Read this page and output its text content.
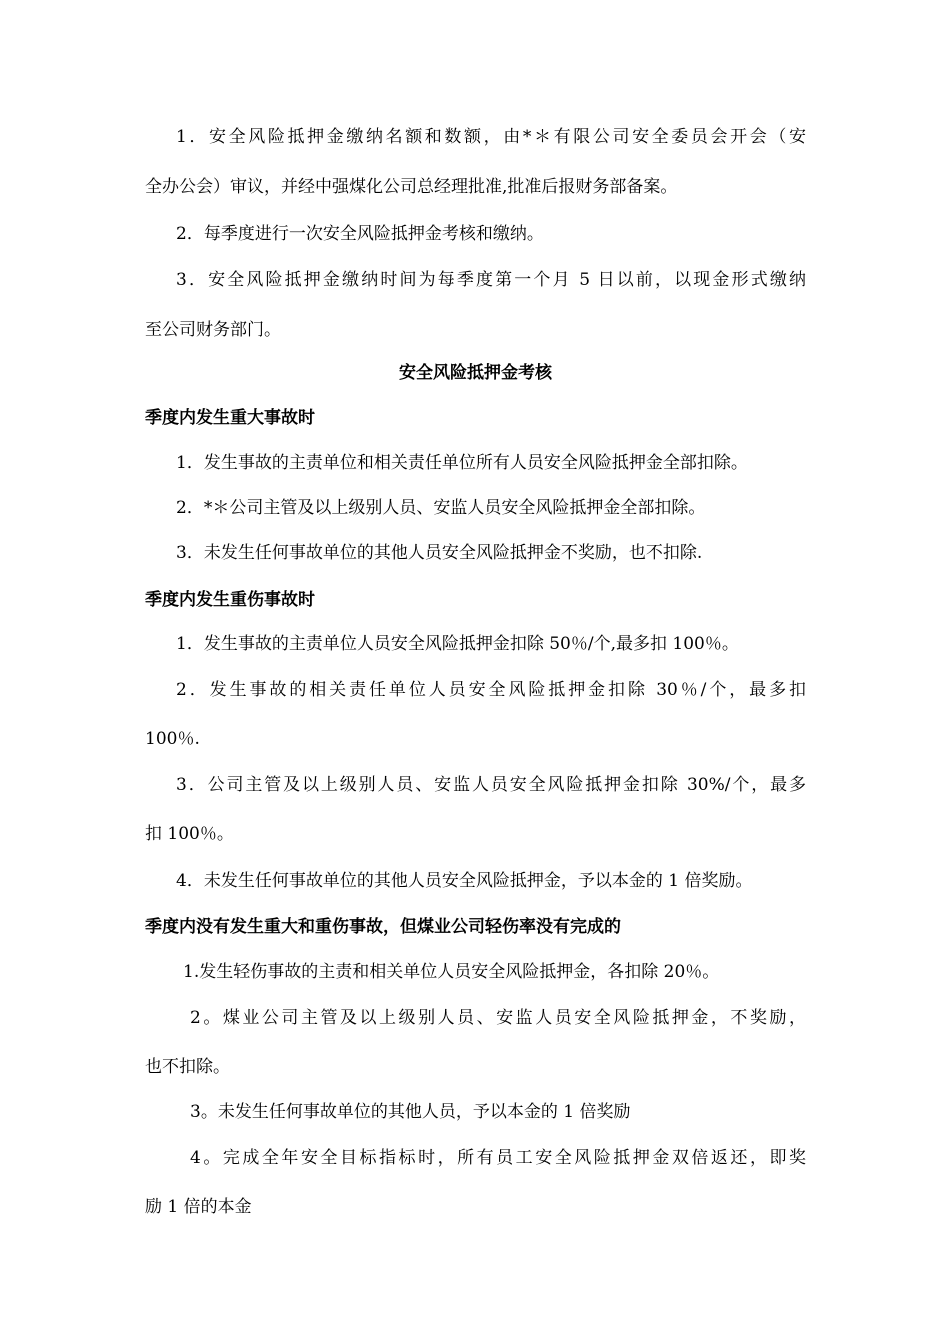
1．安全风险抵押金缴纳名额和数额，由*＊有限公司安全委员会开会（安
全办公会）审议，并经中强煤化公司总经理批准,批准后报财务部备案。
2．每季度进行一次安全风险抵押金考核和缴纳。
3．安全风险抵押金缴纳时间为每季度第一个月 5 日以前，以现金形式缴纳
至公司财务部门。
安全风险抵押金考核
季度内发生重大事故时
1．发生事故的主责单位和相关责任单位所有人员安全风险抵押金全部扣除。
2．*＊公司主管及以上级别人员、安监人员安全风险抵押金全部扣除。
3．未发生任何事故单位的其他人员安全风险抵押金不奖励，也不扣除.
季度内发生重伤事故时
1．发生事故的主责单位人员安全风险抵押金扣除 50％/个,最多扣 100％。
2．发生事故的相关责任单位人员安全风险抵押金扣除 30％/个，最多扣
100％.
3．公司主管及以上级别人员、安监人员安全风险抵押金扣除 30%/个，最多
扣 100％。
4．未发生任何事故单位的其他人员安全风险抵押金，予以本金的 1 倍奖励。
季度内没有发生重大和重伤事故，但煤业公司轻伤率没有完成的
1.发生轻伤事故的主责和相关单位人员安全风险抵押金，各扣除 20％。
2。煤业公司主管及以上级别人员、安监人员安全风险抵押金，不奖励，
也不扣除。
3。未发生任何事故单位的其他人员，予以本金的 1 倍奖励
4。完成全年安全目标指标时，所有员工安全风险抵押金双倍返还，即奖
励 1 倍的本金
